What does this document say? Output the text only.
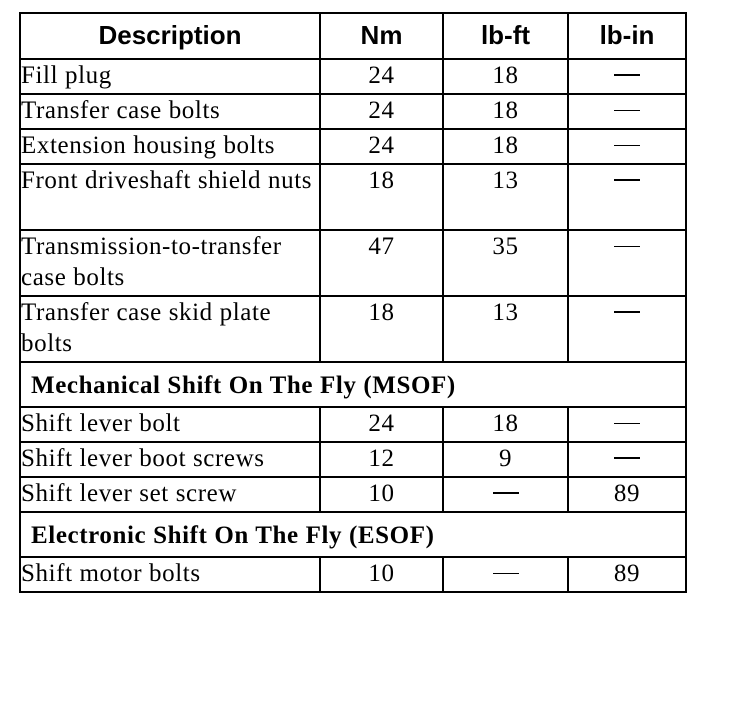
Description	Nm	lb-ft	lb-in
Fill plug	24	18	
Transfer case bolts	24	18	
Extension housing bolts	24	18	
Front driveshaft shield nuts	18	13	
Transmission-to-transfer case bolts	47	35	
Transfer case skid plate bolts	18	13	
Mechanical Shift On The Fly (MSOF)			
Shift lever bolt	24	18	
Shift lever boot screws	12	9	
Shift lever set screw	10		89
Electronic Shift On The Fly (ESOF)			
Shift motor bolts	10		89
